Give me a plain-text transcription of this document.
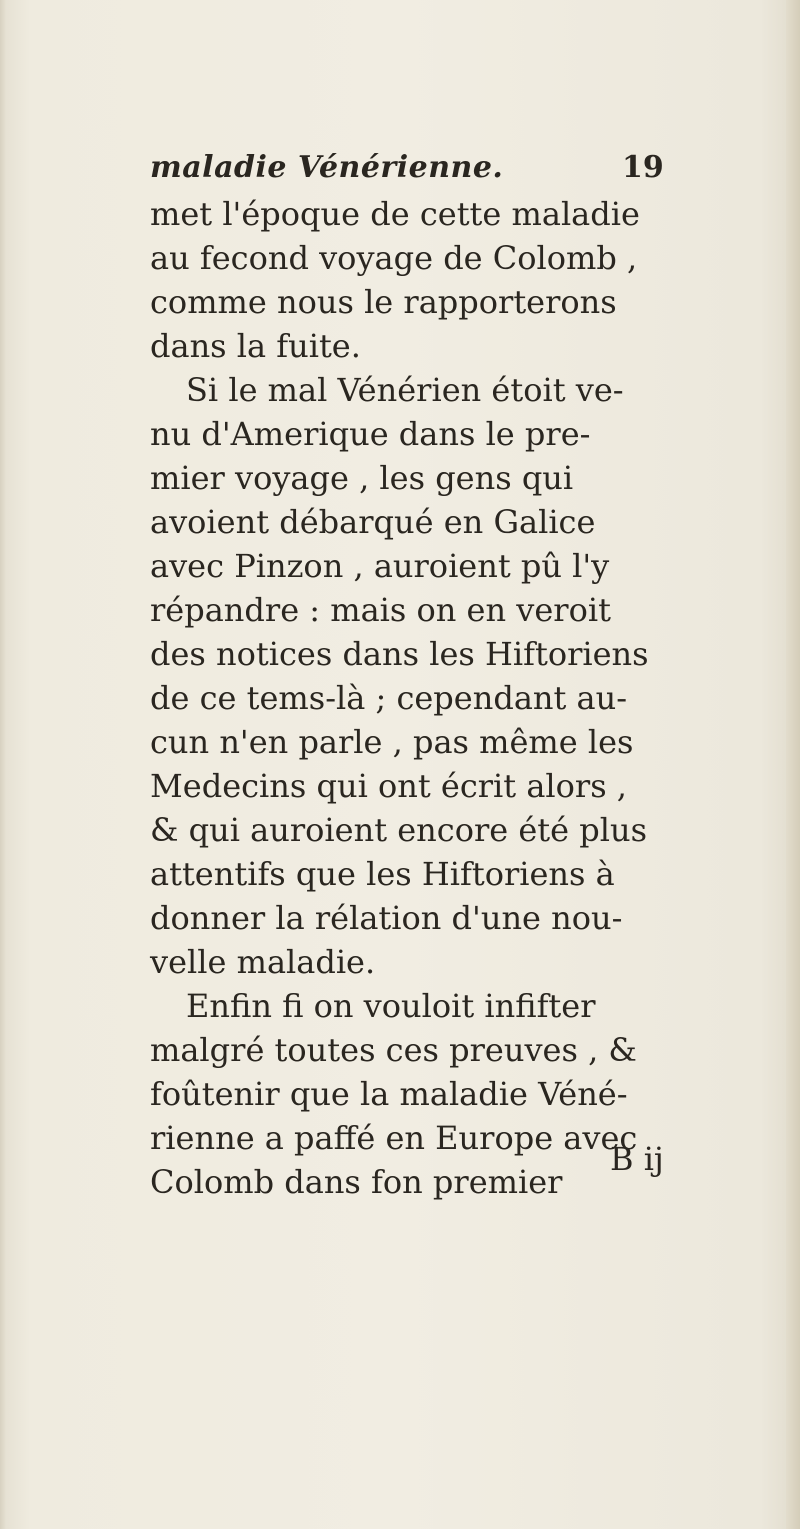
maladie Vénérienne.	19
met l'époque de cette maladie
au fecond voyage de Colomb ,
comme nous le rapporterons
dans la fuite.
Si le mal Vénérien étoit ve-
nu d'Amerique dans le pre-
mier voyage , les gens qui
avoient débarqué en Galice
avec Pinzon , auroient pû l'y
répandre : mais on en veroit
des notices dans les Hiftoriens
de ce tems-là ; cependant au-
cun n'en parle , pas même les
Medecins qui ont écrit alors ,
& qui auroient encore été plus
attentifs que les Hiftoriens à
donner la rélation d'une nou-
velle maladie.
Enfin fi on vouloit infifter
malgré toutes ces preuves , &
foûtenir que la maladie Véné-
rienne a paffé en Europe avec
Colomb dans fon premier
B ij
